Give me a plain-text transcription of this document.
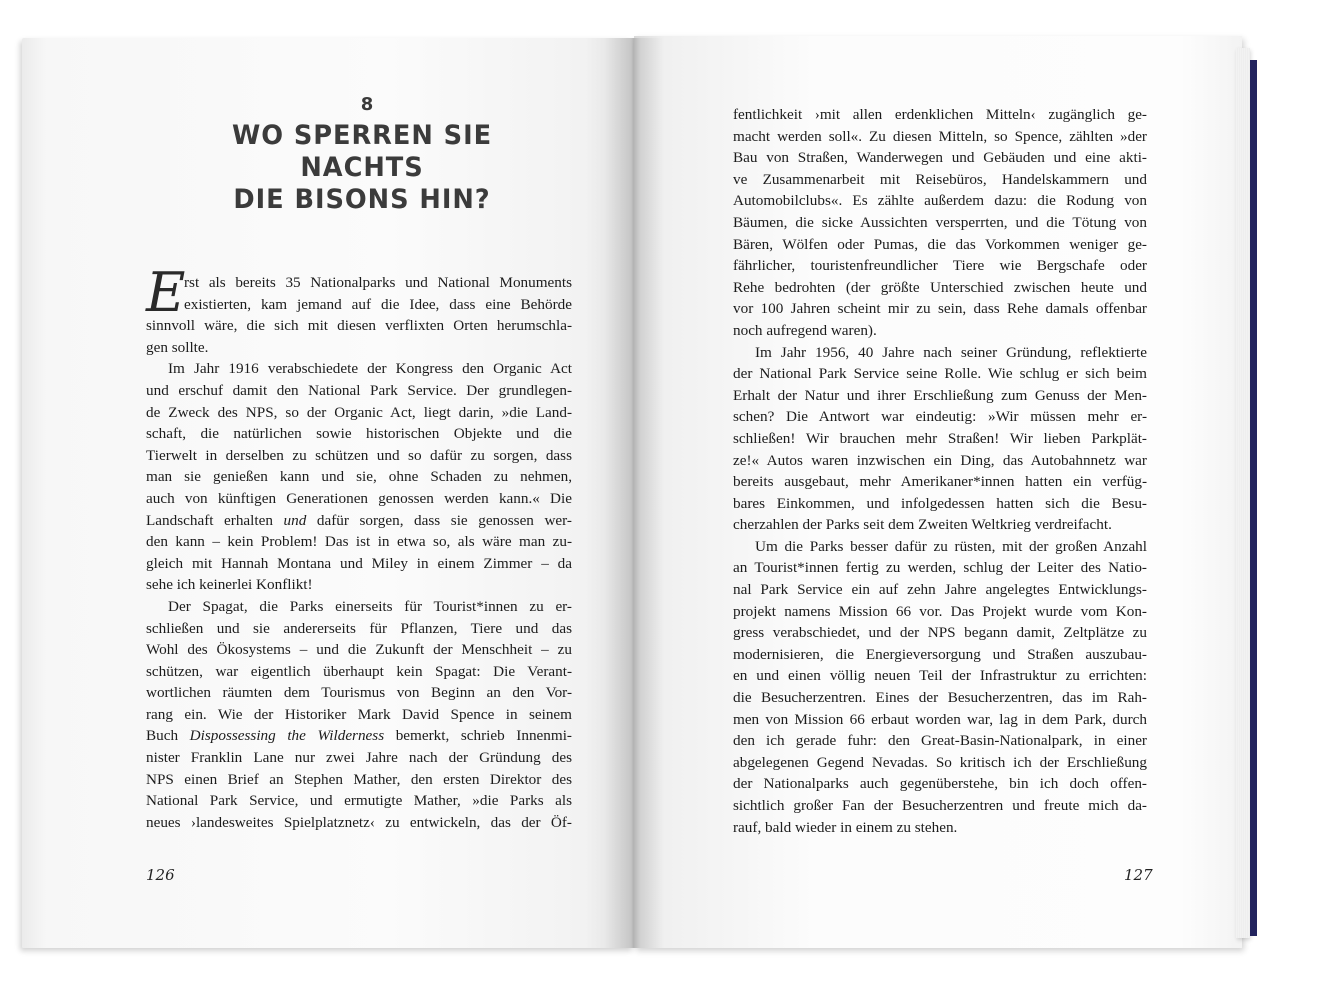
8
WO SPERREN SIE NACHTS
DIE BISONS HIN?
rst als bereits 35 Nationalparks und National Monuments
existierten, kam jemand auf die Idee, dass eine Behörde
sinnvoll wäre, die sich mit diesen verflixten Orten herumschla-
gen sollte.
Im Jahr 1916 verabschiedete der Kongress den Organic Act
und erschuf damit den National Park Service. Der grundlegen-
de Zweck des NPS, so der Organic Act, liegt darin, »die Land-
schaft, die natürlichen sowie historischen Objekte und die
Tierwelt in derselben zu schützen und so dafür zu sorgen, dass
man sie genießen kann und sie, ohne Schaden zu nehmen,
auch von künftigen Generationen genossen werden kann.« Die
Landschaft erhalten und dafür sorgen, dass sie genossen wer-
den kann – kein Problem! Das ist in etwa so, als wäre man zu-
gleich mit Hannah Montana und Miley in einem Zimmer – da
sehe ich keinerlei Konflikt!
Der Spagat, die Parks einerseits für Tourist*innen zu er-
schließen und sie andererseits für Pflanzen, Tiere und das
Wohl des Ökosystems – und die Zukunft der Menschheit – zu
schützen, war eigentlich überhaupt kein Spagat: Die Verant-
wortlichen räumten dem Tourismus von Beginn an den Vor-
rang ein. Wie der Historiker Mark David Spence in seinem
Buch Dispossessing the Wilderness bemerkt, schrieb Innenmi-
nister Franklin Lane nur zwei Jahre nach der Gründung des
NPS einen Brief an Stephen Mather, den ersten Direktor des
National Park Service, und ermutigte Mather, »die Parks als
neues ›landesweites Spielplatznetz‹ zu entwickeln, das der Öf-
E
fentlichkeit ›mit allen erdenklichen Mitteln‹ zugänglich ge-
macht werden soll«. Zu diesen Mitteln, so Spence, zählten »der
Bau von Straßen, Wanderwegen und Gebäuden und eine akti-
ve Zusammenarbeit mit Reisebüros, Handelskammern und
Automobilclubs«. Es zählte außerdem dazu: die Rodung von
Bäumen, die sicke Aussichten versperrten, und die Tötung von
Bären, Wölfen oder Pumas, die das Vorkommen weniger ge-
fährlicher, touristenfreundlicher Tiere wie Bergschafe oder
Rehe bedrohten (der größte Unterschied zwischen heute und
vor 100 Jahren scheint mir zu sein, dass Rehe damals offenbar
noch aufregend waren).
Im Jahr 1956, 40 Jahre nach seiner Gründung, reflektierte
der National Park Service seine Rolle. Wie schlug er sich beim
Erhalt der Natur und ihrer Erschließung zum Genuss der Men-
schen? Die Antwort war eindeutig: »Wir müssen mehr er-
schließen! Wir brauchen mehr Straßen! Wir lieben Parkplät-
ze!« Autos waren inzwischen ein Ding, das Autobahnnetz war
bereits ausgebaut, mehr Amerikaner*innen hatten ein verfüg-
bares Einkommen, und infolgedessen hatten sich die Besu-
cherzahlen der Parks seit dem Zweiten Weltkrieg verdreifacht.
Um die Parks besser dafür zu rüsten, mit der großen Anzahl
an Tourist*innen fertig zu werden, schlug der Leiter des Natio-
nal Park Service ein auf zehn Jahre angelegtes Entwicklungs-
projekt namens Mission 66 vor. Das Projekt wurde vom Kon-
gress verabschiedet, und der NPS begann damit, Zeltplätze zu
modernisieren, die Energieversorgung und Straßen auszubau-
en und einen völlig neuen Teil der Infrastruktur zu errichten:
die Besucherzentren. Eines der Besucherzentren, das im Rah-
men von Mission 66 erbaut worden war, lag in dem Park, durch
den ich gerade fuhr: den Great-Basin-Nationalpark, in einer
abgelegenen Gegend Nevadas. So kritisch ich der Erschließung
der Nationalparks auch gegenüberstehe, bin ich doch offen-
sichtlich großer Fan der Besucherzentren und freute mich da-
rauf, bald wieder in einem zu stehen.
126	127
